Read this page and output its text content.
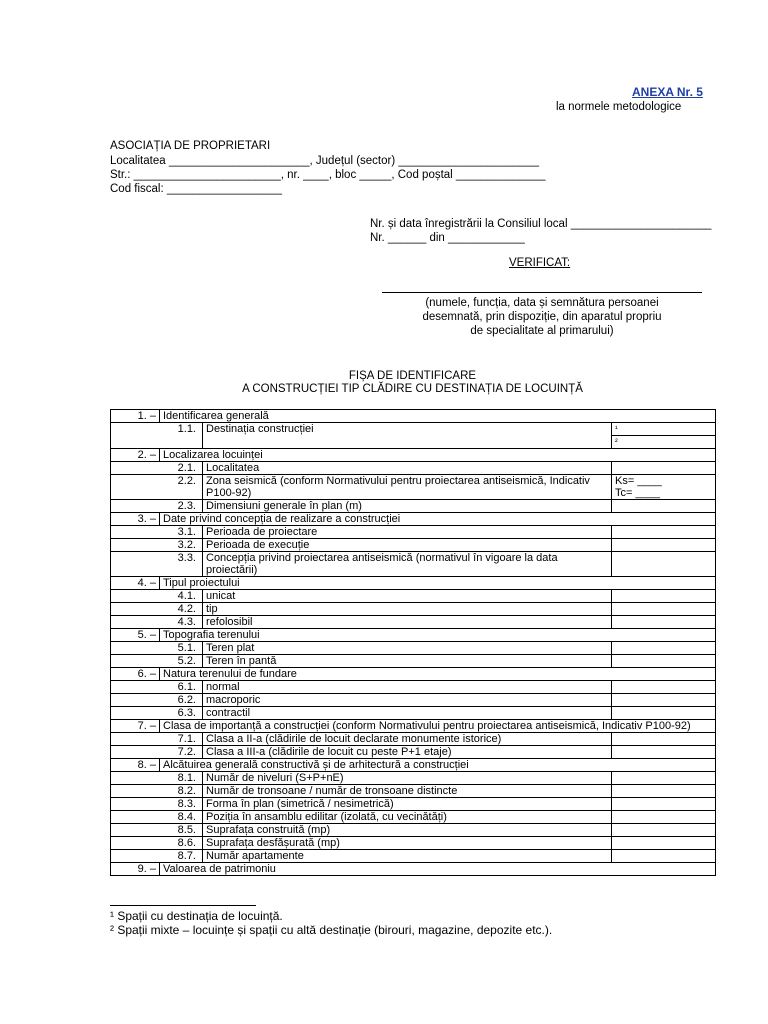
ANEXA Nr. 5
la normele metodologice
ASOCIAȚIA DE PROPRIETARI
Localitatea ______________________, Județul (sector) ______________________
Str.: _______________________, nr. ____, bloc _____, Cod poștal ______________
Cod fiscal: __________________
Nr. și data înregistrării la Consiliul local ______________________
Nr. ______ din ____________
VERIFICAT:
(numele, funcția, data și semnătura persoanei
desemnată, prin dispoziție, din aparatul propriu
de specialitate al primarului)
FIȘA DE IDENTIFICARE
A CONSTRUCȚIEI TIP CLĂDIRE CU DESTINAȚIA DE LOCUINȚĂ
1. –	Identificarea generală		
1.1.		Destinația construcției	¹
			²
2. –	Localizarea locuinței		
2.1.		Localitatea	
2.2.		Zona seismică (conform Normativului pentru proiectarea antiseismică, Indicativ P100-92)	Ks= ____
Tc= ____
2.3.		Dimensiuni generale în plan (m)	
3. –	Date privind concepția de realizare a construcției		
3.1.		Perioada de proiectare	
3.2.		Perioada de execuție	
3.3.		Concepția privind proiectarea antiseismică (normativul în vigoare la data proiectării)	
4. –	Tipul proiectului		
4.1.		unicat	
4.2.		tip	
4.3.		refolosibil	
5. –	Topografia terenului		
5.1.		Teren plat	
5.2.		Teren în pantă	
6. –	Natura terenului de fundare		
6.1.		normal	
6.2.		macroporic	
6.3.		contractil	
7. –	Clasa de importanță a construcției (conform Normativului pentru proiectarea antiseismică, Indicativ P100-92)		
7.1.		Clasa a II-a (clădirile de locuit declarate monumente istorice)	
7.2.		Clasa a III-a (clădirile de locuit cu peste P+1 etaje)	
8. –	Alcătuirea generală constructivă și de arhitectură a construcției		
8.1.		Număr de niveluri (S+P+nE)	
8.2.		Număr de tronsoane / număr de tronsoane distincte	
8.3.		Forma în plan (simetrică / nesimetrică)	
8.4.		Poziția în ansamblu edilitar (izolată, cu vecinătăți)	
8.5.		Suprafața construită (mp)	
8.6.		Suprafața desfășurată (mp)	
8.7.		Număr apartamente	
9. –	Valoarea de patrimoniu		
¹ Spații cu destinația de locuință.
² Spații mixte – locuințe și spații cu altă destinație (birouri, magazine, depozite etc.).
